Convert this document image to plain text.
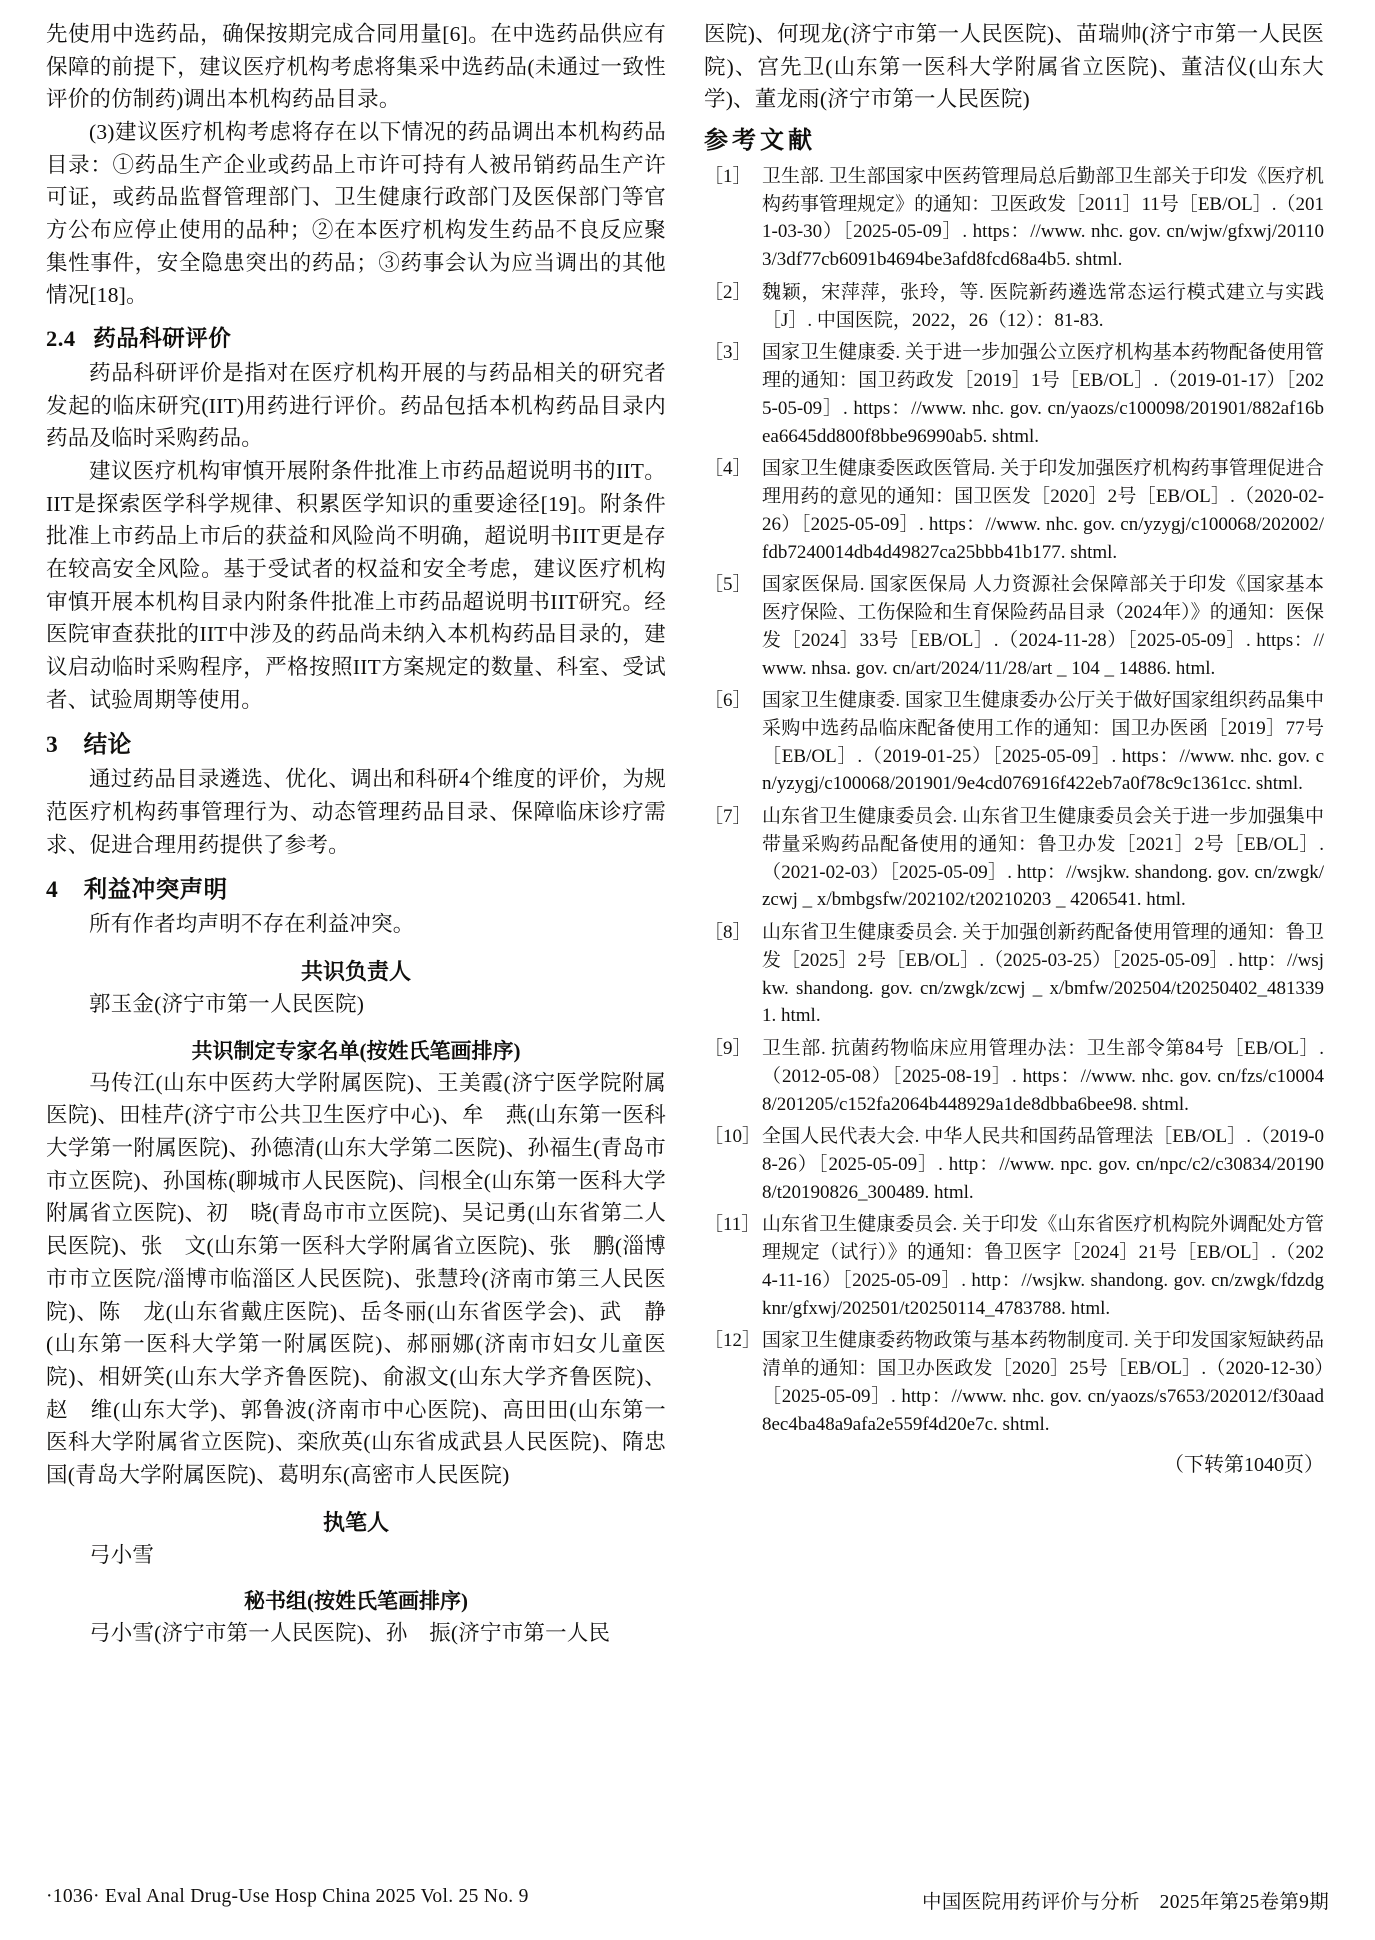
先使用中选药品，确保按期完成合同用量[6]。在中选药品供应有保障的前提下，建议医疗机构考虑将集采中选药品(未通过一致性评价的仿制药)调出本机构药品目录。

(3)建议医疗机构考虑将存在以下情况的药品调出本机构药品目录：①药品生产企业或药品上市许可持有人被吊销药品生产许可证，或药品监督管理部门、卫生健康行政部门及医保部门等官方公布应停止使用的品种；②在本医疗机构发生药品不良反应聚集性事件，安全隐患突出的药品；③药事会认为应当调出的其他情况[18]。

2.4 药品科研评价

药品科研评价是指对在医疗机构开展的与药品相关的研究者发起的临床研究(IIT)用药进行评价。药品包括本机构药品目录内药品及临时采购药品。

建议医疗机构审慎开展附条件批准上市药品超说明书的IIT。IIT是探索医学科学规律、积累医学知识的重要途径[19]。附条件批准上市药品上市后的获益和风险尚不明确，超说明书IIT更是存在较高安全风险。基于受试者的权益和安全考虑，建议医疗机构审慎开展本机构目录内附条件批准上市药品超说明书IIT研究。经医院审查获批的IIT中涉及的药品尚未纳入本机构药品目录的，建议启动临时采购程序，严格按照IIT方案规定的数量、科室、受试者、试验周期等使用。

3 结论

通过药品目录遴选、优化、调出和科研4个维度的评价，为规范医疗机构药事管理行为、动态管理药品目录、保障临床诊疗需求、促进合理用药提供了参考。

4 利益冲突声明

所有作者均声明不存在利益冲突。

共识负责人

郭玉金(济宁市第一人民医院)

共识制定专家名单(按姓氏笔画排序)

马传江(山东中医药大学附属医院)、王美霞(济宁医学院附属医院)、田桂芹(济宁市公共卫生医疗中心)、牟　燕(山东第一医科大学第一附属医院)、孙德清(山东大学第二医院)、孙福生(青岛市市立医院)、孙国栋(聊城市人民医院)、闫根全(山东第一医科大学附属省立医院)、初　晓(青岛市市立医院)、吴记勇(山东省第二人民医院)、张　文(山东第一医科大学附属省立医院)、张　鹏(淄博市市立医院/淄博市临淄区人民医院)、张慧玲(济南市第三人民医院)、陈　龙(山东省戴庄医院)、岳冬丽(山东省医学会)、武　静(山东第一医科大学第一附属医院)、郝丽娜(济南市妇女儿童医院)、相妍笑(山东大学齐鲁医院)、俞淑文(山东大学齐鲁医院)、赵　维(山东大学)、郭鲁波(济南市中心医院)、高田田(山东第一医科大学附属省立医院)、栾欣英(山东省成武县人民医院)、隋忠国(青岛大学附属医院)、葛明东(高密市人民医院)

执笔人

弓小雪

秘书组(按姓氏笔画排序)

弓小雪(济宁市第一人民医院)、孙　振(济宁市第一人民

医院)、何现龙(济宁市第一人民医院)、苗瑞帅(济宁市第一人民医院)、宫先卫(山东第一医科大学附属省立医院)、董洁仪(山东大学)、董龙雨(济宁市第一人民医院)

参考文献
［1］ 卫生部. 卫生部国家中医药管理局总后勤部卫生部关于印发《医疗机构药事管理规定》的通知：卫医政发［2011］11号［EB/OL］.（2011-03-30）［2025-05-09］. https：//www. nhc. gov. cn/wjw/gfxwj/201103/3df77cb6091b4694be3afd8fcd68a4b5. shtml.
［2］ 魏颖，宋萍萍，张玲，等. 医院新药遴选常态运行模式建立与实践［J］. 中国医院，2022，26（12）：81-83.
［3］ 国家卫生健康委. 关于进一步加强公立医疗机构基本药物配备使用管理的通知：国卫药政发［2019］1号［EB/OL］.（2019-01-17）［2025-05-09］. https：//www. nhc. gov. cn/yaozs/c100098/201901/882af16bea6645dd800f8bbe96990ab5. shtml.
［4］ 国家卫生健康委医政医管局. 关于印发加强医疗机构药事管理促进合理用药的意见的通知：国卫医发［2020］2号［EB/OL］.（2020-02-26）［2025-05-09］. https：//www. nhc. gov. cn/yzygj/c100068/202002/fdb7240014db4d49827ca25bbb41b177. shtml.
［5］ 国家医保局. 国家医保局 人力资源社会保障部关于印发《国家基本医疗保险、工伤保险和生育保险药品目录（2024年）》的通知：医保发［2024］33号［EB/OL］.（2024-11-28）［2025-05-09］. https：//www. nhsa. gov. cn/art/2024/11/28/art _ 104 _ 14886. html.
［6］ 国家卫生健康委. 国家卫生健康委办公厅关于做好国家组织药品集中采购中选药品临床配备使用工作的通知：国卫办医函［2019］77号［EB/OL］.（2019-01-25）［2025-05-09］. https：//www. nhc. gov. cn/yzygj/c100068/201901/9e4cd076916f422eb7a0f78c9c1361cc. shtml.
［7］ 山东省卫生健康委员会. 山东省卫生健康委员会关于进一步加强集中带量采购药品配备使用的通知：鲁卫办发［2021］2号［EB/OL］.（2021-02-03）［2025-05-09］. http：//wsjkw. shandong. gov. cn/zwgk/zcwj _ x/bmbgsfw/202102/t20210203 _ 4206541. html.
［8］ 山东省卫生健康委员会. 关于加强创新药配备使用管理的通知：鲁卫发［2025］2号［EB/OL］.（2025-03-25）［2025-05-09］. http：//wsjkw. shandong. gov. cn/zwgk/zcwj _ x/bmfw/202504/t20250402_4813391. html.
［9］ 卫生部. 抗菌药物临床应用管理办法：卫生部令第84号［EB/OL］.（2012-05-08）［2025-08-19］. https：//www. nhc. gov. cn/fzs/c100048/201205/c152fa2064b448929a1de8dbba6bee98. shtml.
［10］ 全国人民代表大会. 中华人民共和国药品管理法［EB/OL］.（2019-08-26）［2025-05-09］. http：//www. npc. gov. cn/npc/c2/c30834/201908/t20190826_300489. html.
［11］ 山东省卫生健康委员会. 关于印发《山东省医疗机构院外调配处方管理规定（试行）》的通知：鲁卫医字［2024］21号［EB/OL］.（2024-11-16）［2025-05-09］. http：//wsjkw. shandong. gov. cn/zwgk/fdzdgknr/gfxwj/202501/t20250114_4783788. html.
［12］ 国家卫生健康委药物政策与基本药物制度司. 关于印发国家短缺药品清单的通知：国卫办医政发［2020］25号［EB/OL］.（2020-12-30）［2025-05-09］. http：//www. nhc. gov. cn/yaozs/s7653/202012/f30aad8ec4ba48a9afa2e559f4d20e7c. shtml.
（下转第1040页）
·1036· Eval Anal Drug-Use Hosp China 2025 Vol. 25 No. 9	中国医院用药评价与分析　2025年第25卷第9期
